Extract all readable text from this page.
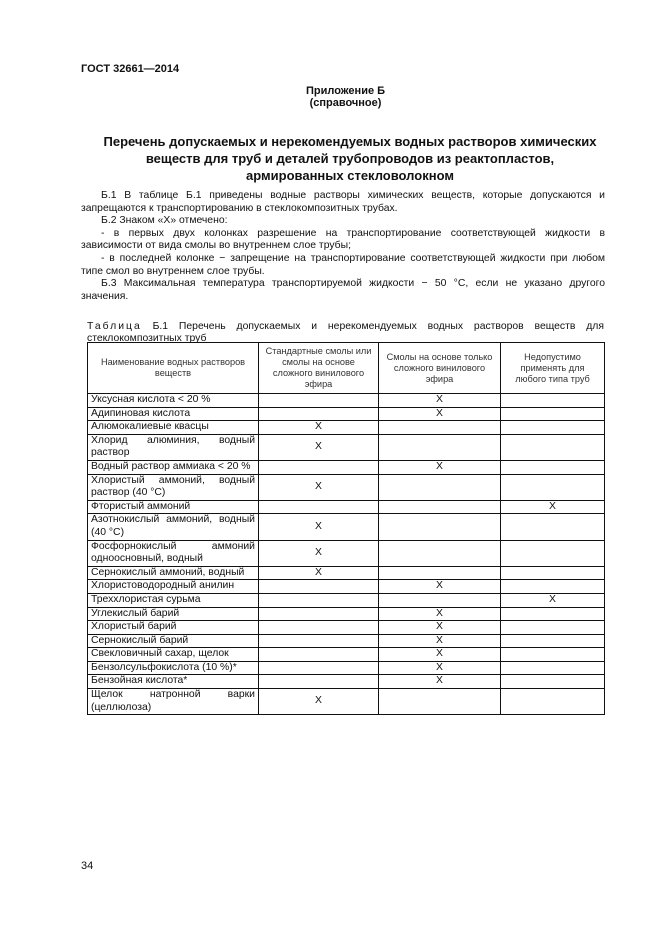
ГОСТ 32661—2014
Приложение Б
(справочное)
Перечень допускаемых и нерекомендуемых водных растворов химических
веществ для труб и деталей трубопроводов из реактопластов,
армированных стекловолокном

Б.1 В таблице Б.1 приведены водные растворы химических веществ, которые допускаются и запрещаются к транспортированию в стеклокомпозитных трубах.

Б.2 Знаком «Х» отмечено:

- в первых двух колонках разрешение на транспортирование соответствующей жидкости в зависимости от вида смолы во внутреннем слое трубы;

- в последней колонке − запрещение на транспортирование соответствующей жидкости при любом типе смол во внутреннем слое трубы.

Б.3 Максимальная температура транспортируемой жидкости − 50 °С, если не указано другого значения.

Таблица Б.1 Перечень допускаемых и нерекомендуемых водных растворов веществ для стеклокомпозитных труб
Наименование водных растворов веществ	Стандартные смолы или смолы на основе сложного винилового эфира	Смолы на основе только сложного винилового эфира	Недопустимо применять для любого типа труб
Уксусная кислота < 20 %		Х	
Адипиновая кислота		Х	
Алюмокалиевые квасцы	Х		
Хлорид алюминия, водный раствор	Х		
Водный раствор аммиака < 20 %		Х	
Хлористый аммоний, водный раствор (40 °С)	Х		
Фтористый аммоний			Х
Азотнокислый аммоний, водный (40 °С)	Х		
Фосфорнокислый аммоний одноосновный, водный	Х		
Сернокислый аммоний, водный	Х		
Хлористоводородный анилин		Х	
Треххлористая сурьма			Х
Углекислый барий		Х	
Хлористый барий		Х	
Сернокислый барий		Х	
Свекловичный сахар, щелок		Х	
Бензолсульфокислота (10 %)*		Х	
Бензойная кислота*		Х	
Щелок натронной варки (целлюлоза)	Х		
34
